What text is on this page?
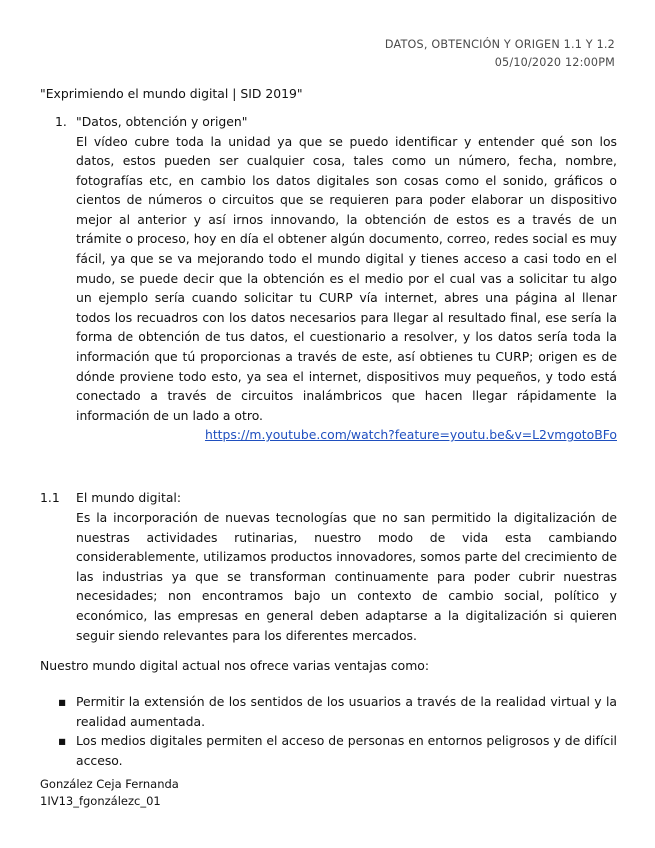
DATOS, OBTENCIÓN Y ORIGEN 1.1 Y 1.2
05/10/2020 12:00PM
"Exprimiendo el mundo digital | SID 2019"
1. "Datos, obtención y origen"
El vídeo cubre toda la unidad ya que se puedo identificar y entender qué son los datos, estos pueden ser cualquier cosa, tales como un número, fecha, nombre, fotografías etc, en cambio los datos digitales son cosas como el sonido, gráficos o cientos de números o circuitos que se requieren para poder elaborar un dispositivo mejor al anterior y así irnos innovando, la obtención de estos es a través de un trámite o proceso, hoy en día el obtener algún documento, correo, redes social es muy fácil, ya que se va mejorando todo el mundo digital y tienes acceso a casi todo en el mudo, se puede decir que la obtención es el medio por el cual vas a solicitar tu algo un ejemplo sería cuando solicitar tu CURP vía internet, abres una página al llenar todos los recuadros con los datos necesarios para llegar al resultado final, ese sería la forma de obtención de tus datos, el cuestionario a resolver, y los datos sería toda la información que tú proporcionas a través de este, así obtienes tu CURP; origen es de dónde proviene todo esto, ya sea el internet, dispositivos muy pequeños, y todo está conectado a través de circuitos inalámbricos que hacen llegar rápidamente la información de un lado a otro.
https://m.youtube.com/watch?feature=youtu.be&v=L2vmgotoBFo
1.1 El mundo digital:
Es la incorporación de nuevas tecnologías que no san permitido la digitalización de nuestras actividades rutinarias, nuestro modo de vida esta cambiando considerablemente, utilizamos productos innovadores, somos parte del crecimiento de las industrias ya que se transforman continuamente para poder cubrir nuestras necesidades; non encontramos bajo un contexto de cambio social, político y económico, las empresas en general deben adaptarse a la digitalización si quieren seguir siendo relevantes para los diferentes mercados.
Nuestro mundo digital actual nos ofrece varias ventajas como:
▪ Permitir la extensión de los sentidos de los usuarios a través de la realidad virtual y la realidad aumentada.
▪ Los medios digitales permiten el acceso de personas en entornos peligrosos y de difícil acceso.
González Ceja Fernanda
1IV13_fgonzálezc_01
